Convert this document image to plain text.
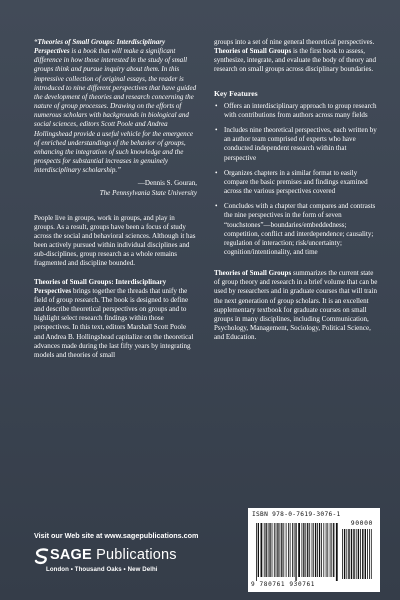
“Theories of Small Groups: Interdisciplinary Perspectives is a book that will make a significant difference in how those interested in the study of small groups think and pursue inquiry about them. In this impressive collection of original essays, the reader is introduced to nine different perspectives that have guided the development of theories and research concerning the nature of group processes. Drawing on the efforts of numerous scholars with backgrounds in biological and social sciences, editors Scott Poole and Andrea Hollingshead provide a useful vehicle for the emergence of enriched understandings of the behavior of groups, enhancing the integration of such knowledge and the prospects for substantial increases in genuinely interdisciplinary scholarship.”

—Dennis S. Gouran,
The Pennsylvania State University

People live in groups, work in groups, and play in groups. As a result, groups have been a focus of study across the social and behavioral sciences. Although it has been actively pursued within individual disciplines and sub-disciplines, group research as a whole remains fragmented and discipline bounded.

Theories of Small Groups: Interdisciplinary Perspectives brings together the threads that unify the field of group research. The book is designed to define and describe theoretical perspectives on groups and to highlight select research findings within those perspectives. In this text, editors Marshall Scott Poole and Andrea B. Hollingshead capitalize on the theoretical advances made during the last fifty years by integrating models and theories of small

groups into a set of nine general theoretical perspectives. Theories of Small Groups is the first book to assess, synthesize, integrate, and evaluate the body of theory and research on small groups across disciplinary boundaries.

Key Features
• Offers an interdisciplinary approach to group research with contributions from authors across many fields
• Includes nine theoretical perspectives, each written by an author team comprised of experts who have conducted independent research within that perspective
• Organizes chapters in a similar format to easily compare the basic premises and findings examined across the various perspectives covered
• Concludes with a chapter that compares and contrasts the nine perspectives in the form of seven “touchstones”—boundaries/embeddedness; competition, conflict and interdependence; causality; regulation of interaction; risk/uncertainty; cognition/intentionality, and time

Theories of Small Groups summarizes the current state of group theory and research in a brief volume that can be used by researchers and in graduate courses that will train the next generation of group scholars. It is an excellent supplementary textbook for graduate courses on small groups in many disciplines, including Communication, Psychology, Management, Sociology, Political Science, and Education.

Visit our Web site at www.sagepublications.com
SAGE Publications
London • Thousand Oaks • New Delhi
ISBN 978-0-7619-3076-1
90000
9 780761 930761
